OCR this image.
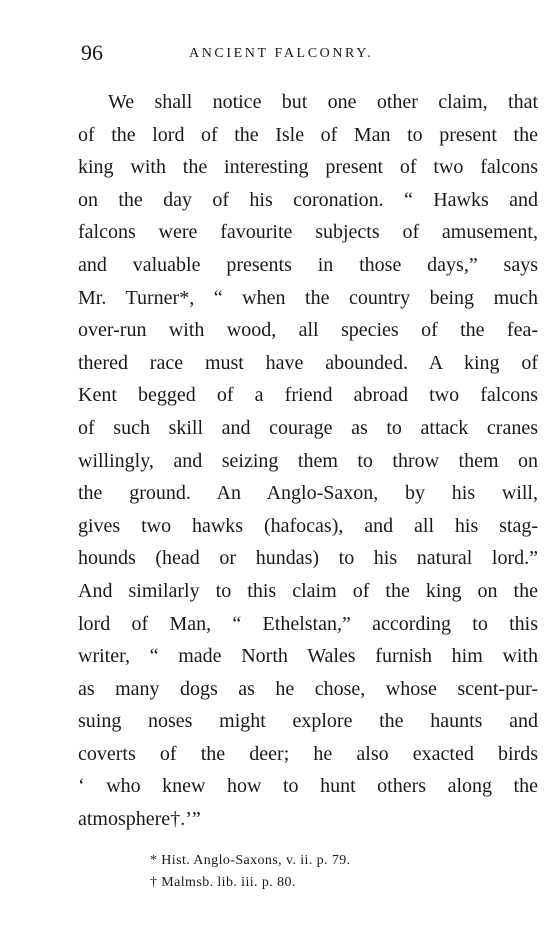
96	ANCIENT FALCONRY.
We shall notice but one other claim, that
of the lord of the Isle of Man to present the
king with the interesting present of two falcons
on the day of his coronation. “ Hawks and
falcons were favourite subjects of amusement,
and valuable presents in those days,” says
Mr. Turner*, “ when the country being much
over-run with wood, all species of the fea-
thered race must have abounded. A king of
Kent begged of a friend abroad two falcons
of such skill and courage as to attack cranes
willingly, and seizing them to throw them on
the ground. An Anglo-Saxon, by his will,
gives two hawks (hafocas), and all his stag-
hounds (head or hundas) to his natural lord.”
And similarly to this claim of the king on the
lord of Man, “ Ethelstan,” according to this
writer, “ made North Wales furnish him with
as many dogs as he chose, whose scent-pur-
suing noses might explore the haunts and
coverts of the deer; he also exacted birds
‘ who knew how to hunt others along the
atmosphere†.’”
* Hist. Anglo-Saxons, v. ii. p. 79.
† Malmsb. lib. iii. p. 80.
